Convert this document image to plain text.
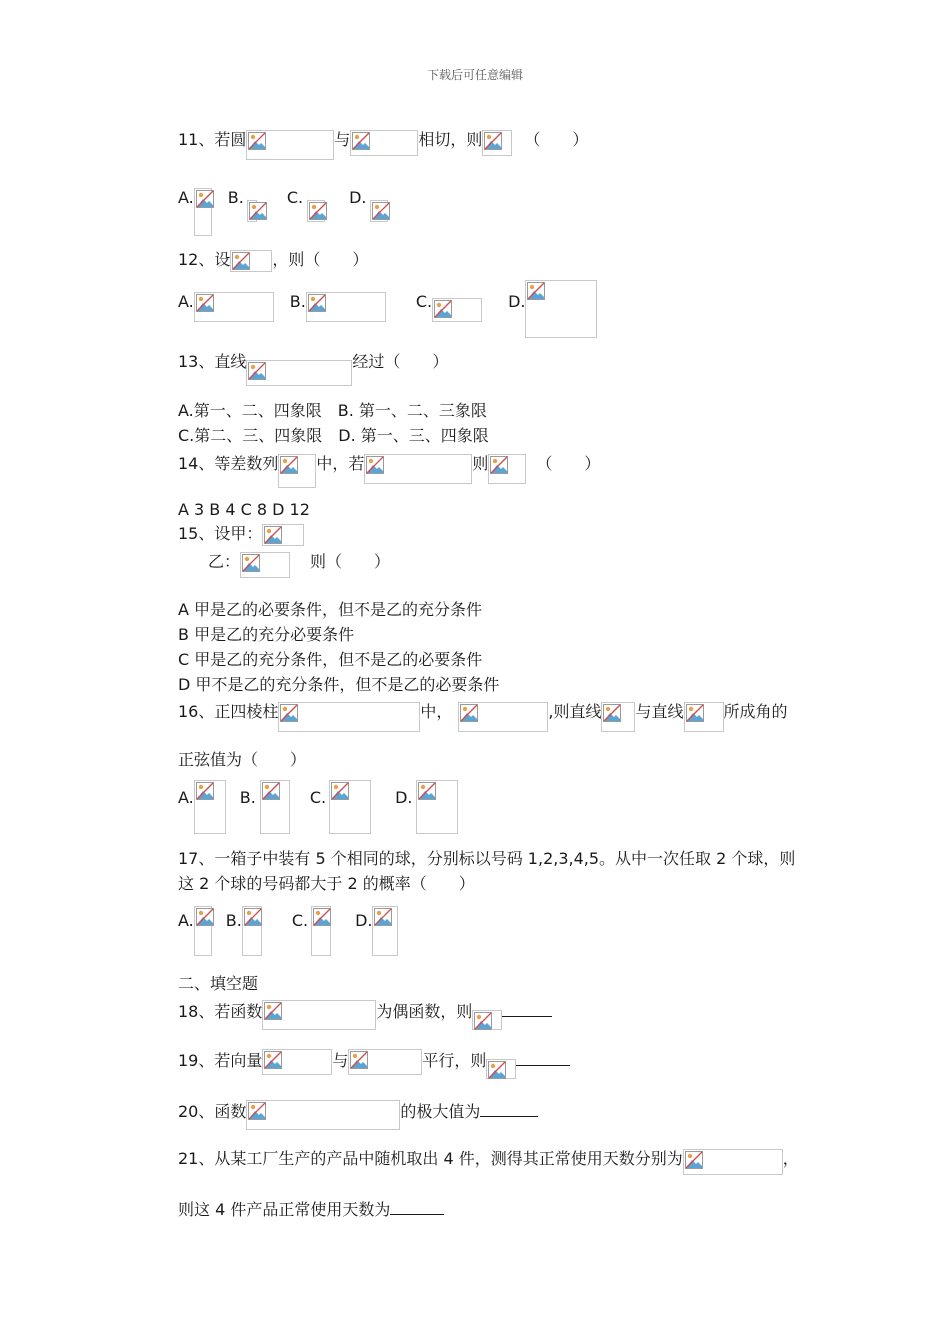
下载后可任意编辑
11、若圆	与	相切，则	（　　）
A. B.	C.	D.
12、设	，则（　　）
A.	B.	C.	D.
13、直线	经过（　　）
A.第一、二、四象限　B. 第一、二、三象限
C.第二、三、四象限　D. 第一、三、四象限
14、等差数列 中，若	则	（　　）
A 3 B 4 C 8 D 12
15、设甲：
乙：	则（　　）
A 甲是乙的必要条件，但不是乙的充分条件
B 甲是乙的充分必要条件
C 甲是乙的充分条件，但不是乙的必要条件
D 甲不是乙的充分条件，但不是乙的必要条件
16、正四棱柱	中，	,则直线 与直线	所成角的
正弦值为（　　）
A.	B.	C.	D.
17、一箱子中装有 5 个相同的球，分别标以号码 1,2,3,4,5。从中一次任取 2 个球，则
这 2 个球的号码都大于 2 的概率（　　）
A. B.	C.	D.
二、填空题
18、若函数	为偶函数，则
19、若向量	与	平行，则
20、函数	的极大值为
21、从某工厂生产的产品中随机取出 4 件，测得其正常使用天数分别为	，
则这 4 件产品正常使用天数为
